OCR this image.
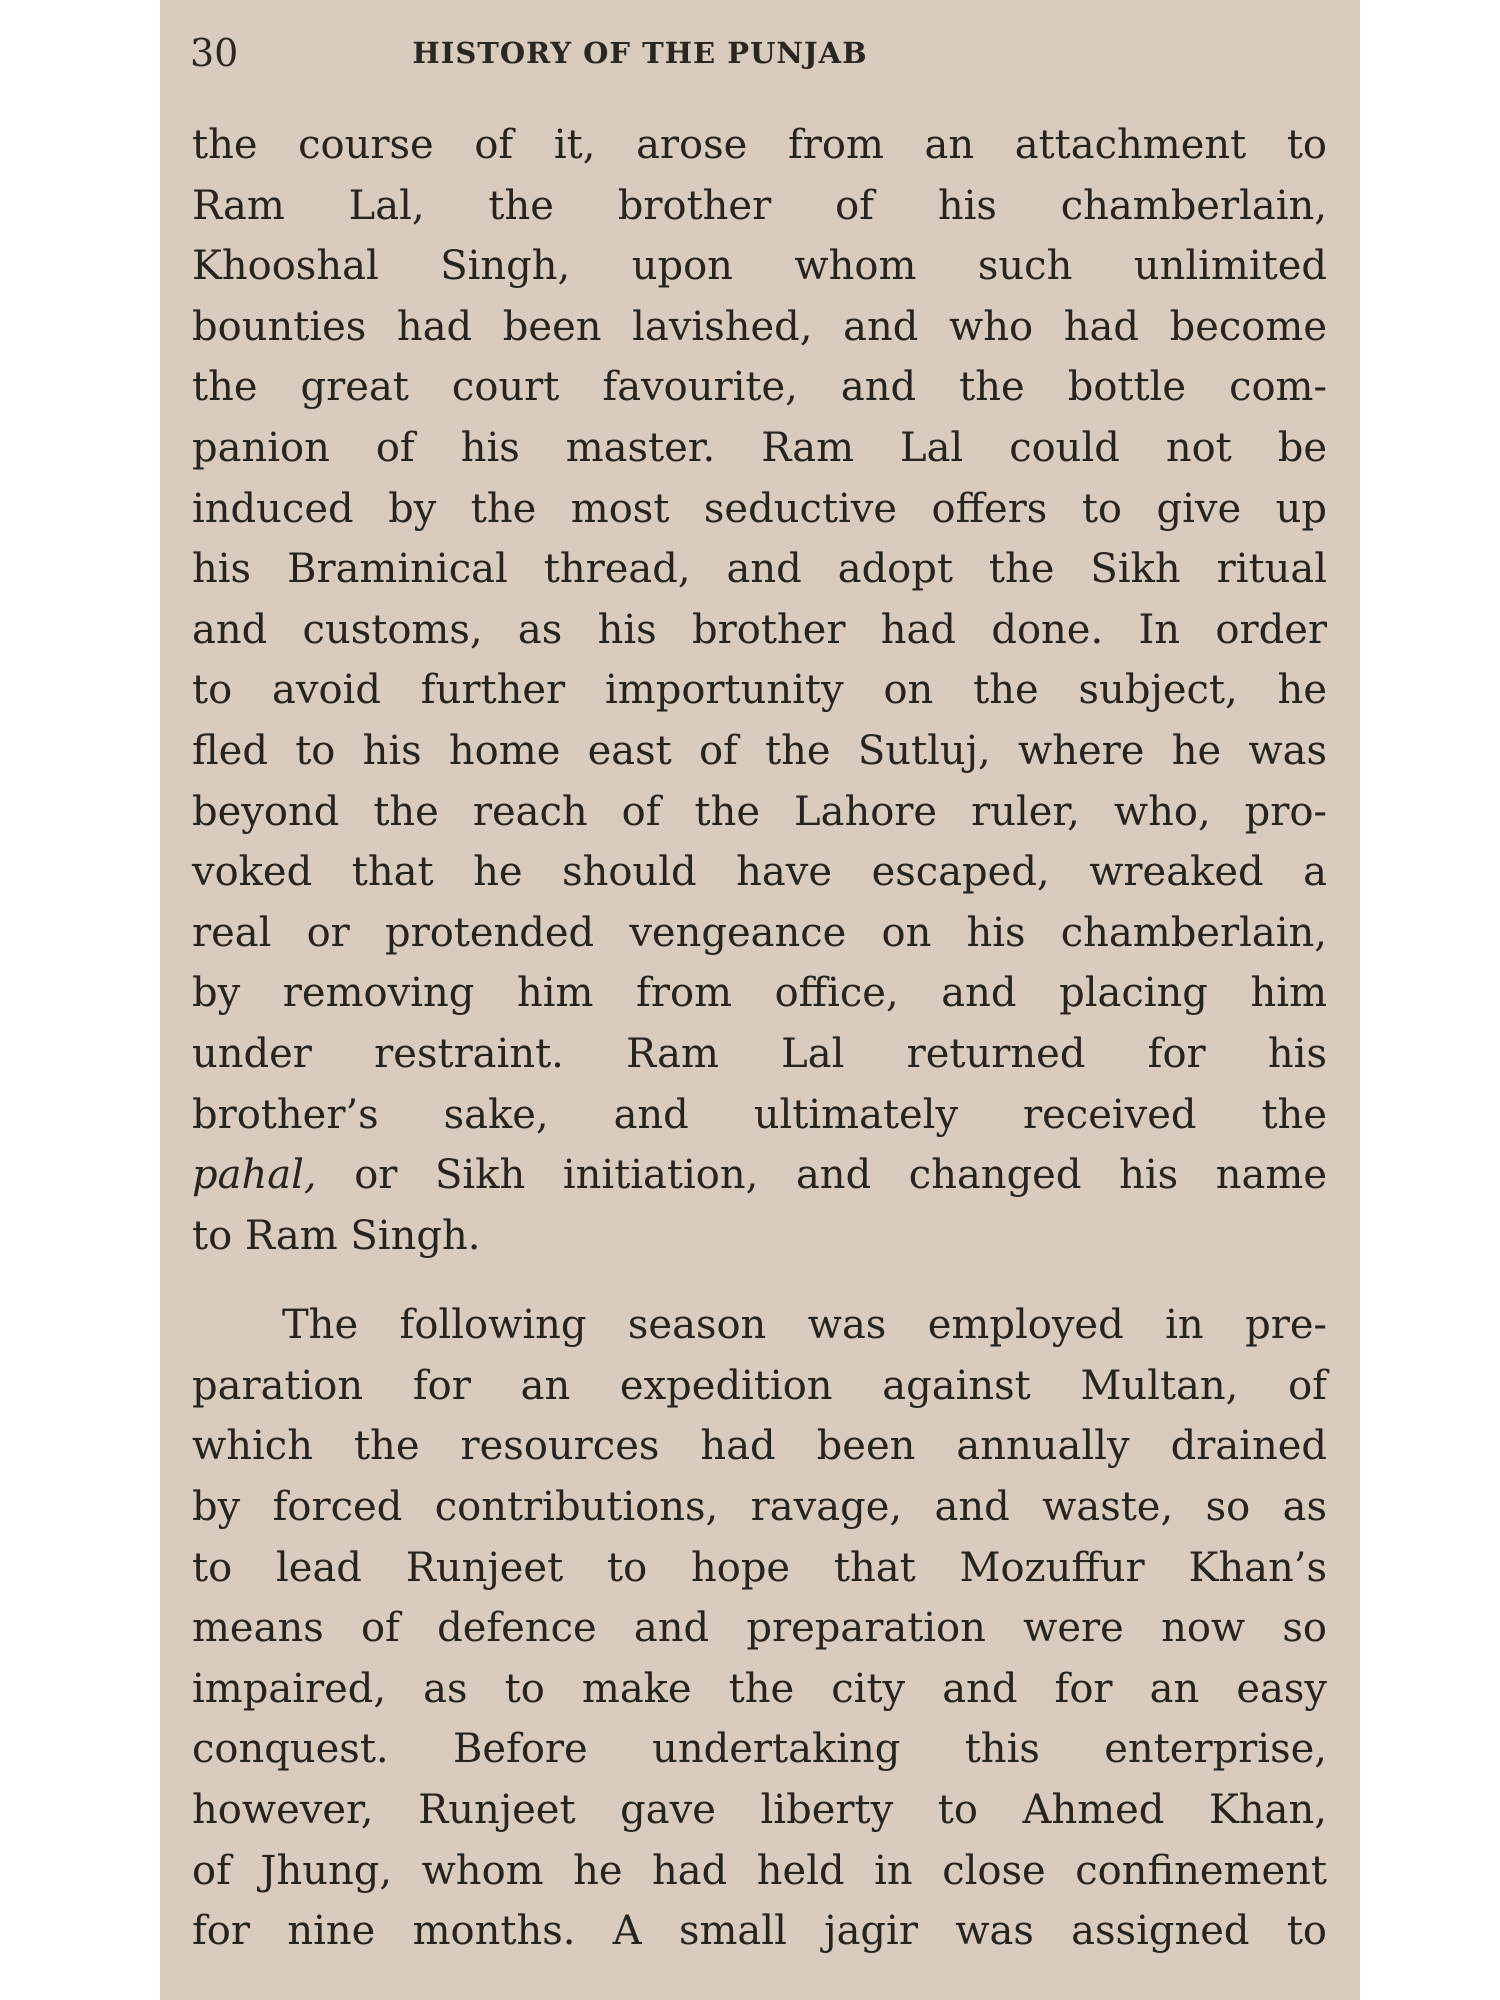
30	HISTORY OF THE PUNJAB
the course of it, arose from an attachment to
Ram Lal, the brother of his chamberlain,
Khooshal Singh, upon whom such unlimited
bounties had been lavished, and who had become
the great court favourite, and the bottle com-
panion of his master. Ram Lal could not be
induced by the most seductive offers to give up
his Braminical thread, and adopt the Sikh ritual
and customs, as his brother had done. In order
to avoid further importunity on the subject, he
fled to his home east of the Sutluj, where he was
beyond the reach of the Lahore ruler, who, pro-
voked that he should have escaped, wreaked a
real or protended vengeance on his chamberlain,
by removing him from office, and placing him
under restraint. Ram Lal returned for his
brother’s sake, and ultimately received the
pahal, or Sikh initiation, and changed his name
to Ram Singh.
The following season was employed in pre-
paration for an expedition against Multan, of
which the resources had been annually drained
by forced contributions, ravage, and waste, so as
to lead Runjeet to hope that Mozuffur Khan’s
means of defence and preparation were now so
impaired, as to make the city and for an easy
conquest. Before undertaking this enterprise,
however, Runjeet gave liberty to Ahmed Khan,
of Jhung, whom he had held in close confinement
for nine months. A small jagir was assigned to
